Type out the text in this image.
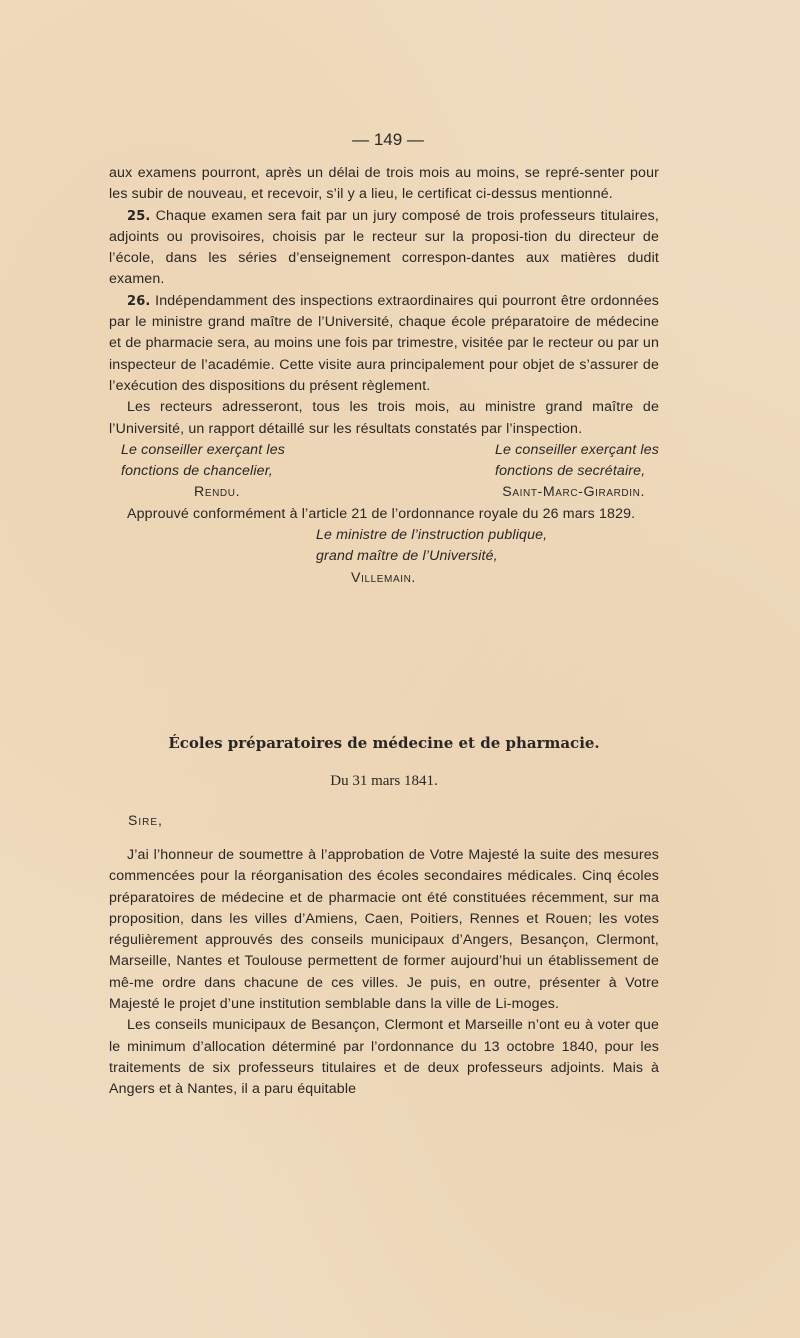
— 149 —

aux examens pourront, après un délai de trois mois au moins, se repré-senter pour les subir de nouveau, et recevoir, s’il y a lieu, le certificat ci-dessus mentionné.

25. Chaque examen sera fait par un jury composé de trois professeurs titulaires, adjoints ou provisoires, choisis par le recteur sur la proposi-tion du directeur de l’école, dans les séries d’enseignement correspon-dantes aux matières dudit examen.

26. Indépendamment des inspections extraordinaires qui pourront être ordonnées par le ministre grand maître de l’Université, chaque école préparatoire de médecine et de pharmacie sera, au moins une fois par trimestre, visitée par le recteur ou par un inspecteur de l’académie. Cette visite aura principalement pour objet de s’assurer de l’exécution des dispositions du présent règlement.

Les recteurs adresseront, tous les trois mois, au ministre grand maître de l’Université, un rapport détaillé sur les résultats constatés par l’inspection.

Le conseiller exerçant les
fonctions de chancelier,
Le conseiller exerçant les
fonctions de secrétaire,
Rendu.	Saint-Marc-Girardin.

Approuvé conformément à l’article 21 de l’ordonnance royale du 26 mars 1829.

Le ministre de l’instruction publique,

grand maître de l’Université,

Villemain.

Écoles préparatoires de médecine et de pharmacie.
Du 31 mars 1841.
Sire,

J’ai l’honneur de soumettre à l’approbation de Votre Majesté la suite des mesures commencées pour la réorganisation des écoles secondaires médicales. Cinq écoles préparatoires de médecine et de pharmacie ont été constituées récemment, sur ma proposition, dans les villes d’Amiens, Caen, Poitiers, Rennes et Rouen; les votes régulièrement approuvés des conseils municipaux d’Angers, Besançon, Clermont, Marseille, Nantes et Toulouse permettent de former aujourd’hui un établissement de mê-me ordre dans chacune de ces villes. Je puis, en outre, présenter à Votre Majesté le projet d’une institution semblable dans la ville de Li-moges.

Les conseils municipaux de Besançon, Clermont et Marseille n’ont eu à voter que le minimum d’allocation déterminé par l’ordonnance du 13 octobre 1840, pour les traitements de six professeurs titulaires et de deux professeurs adjoints. Mais à Angers et à Nantes, il a paru équitable
